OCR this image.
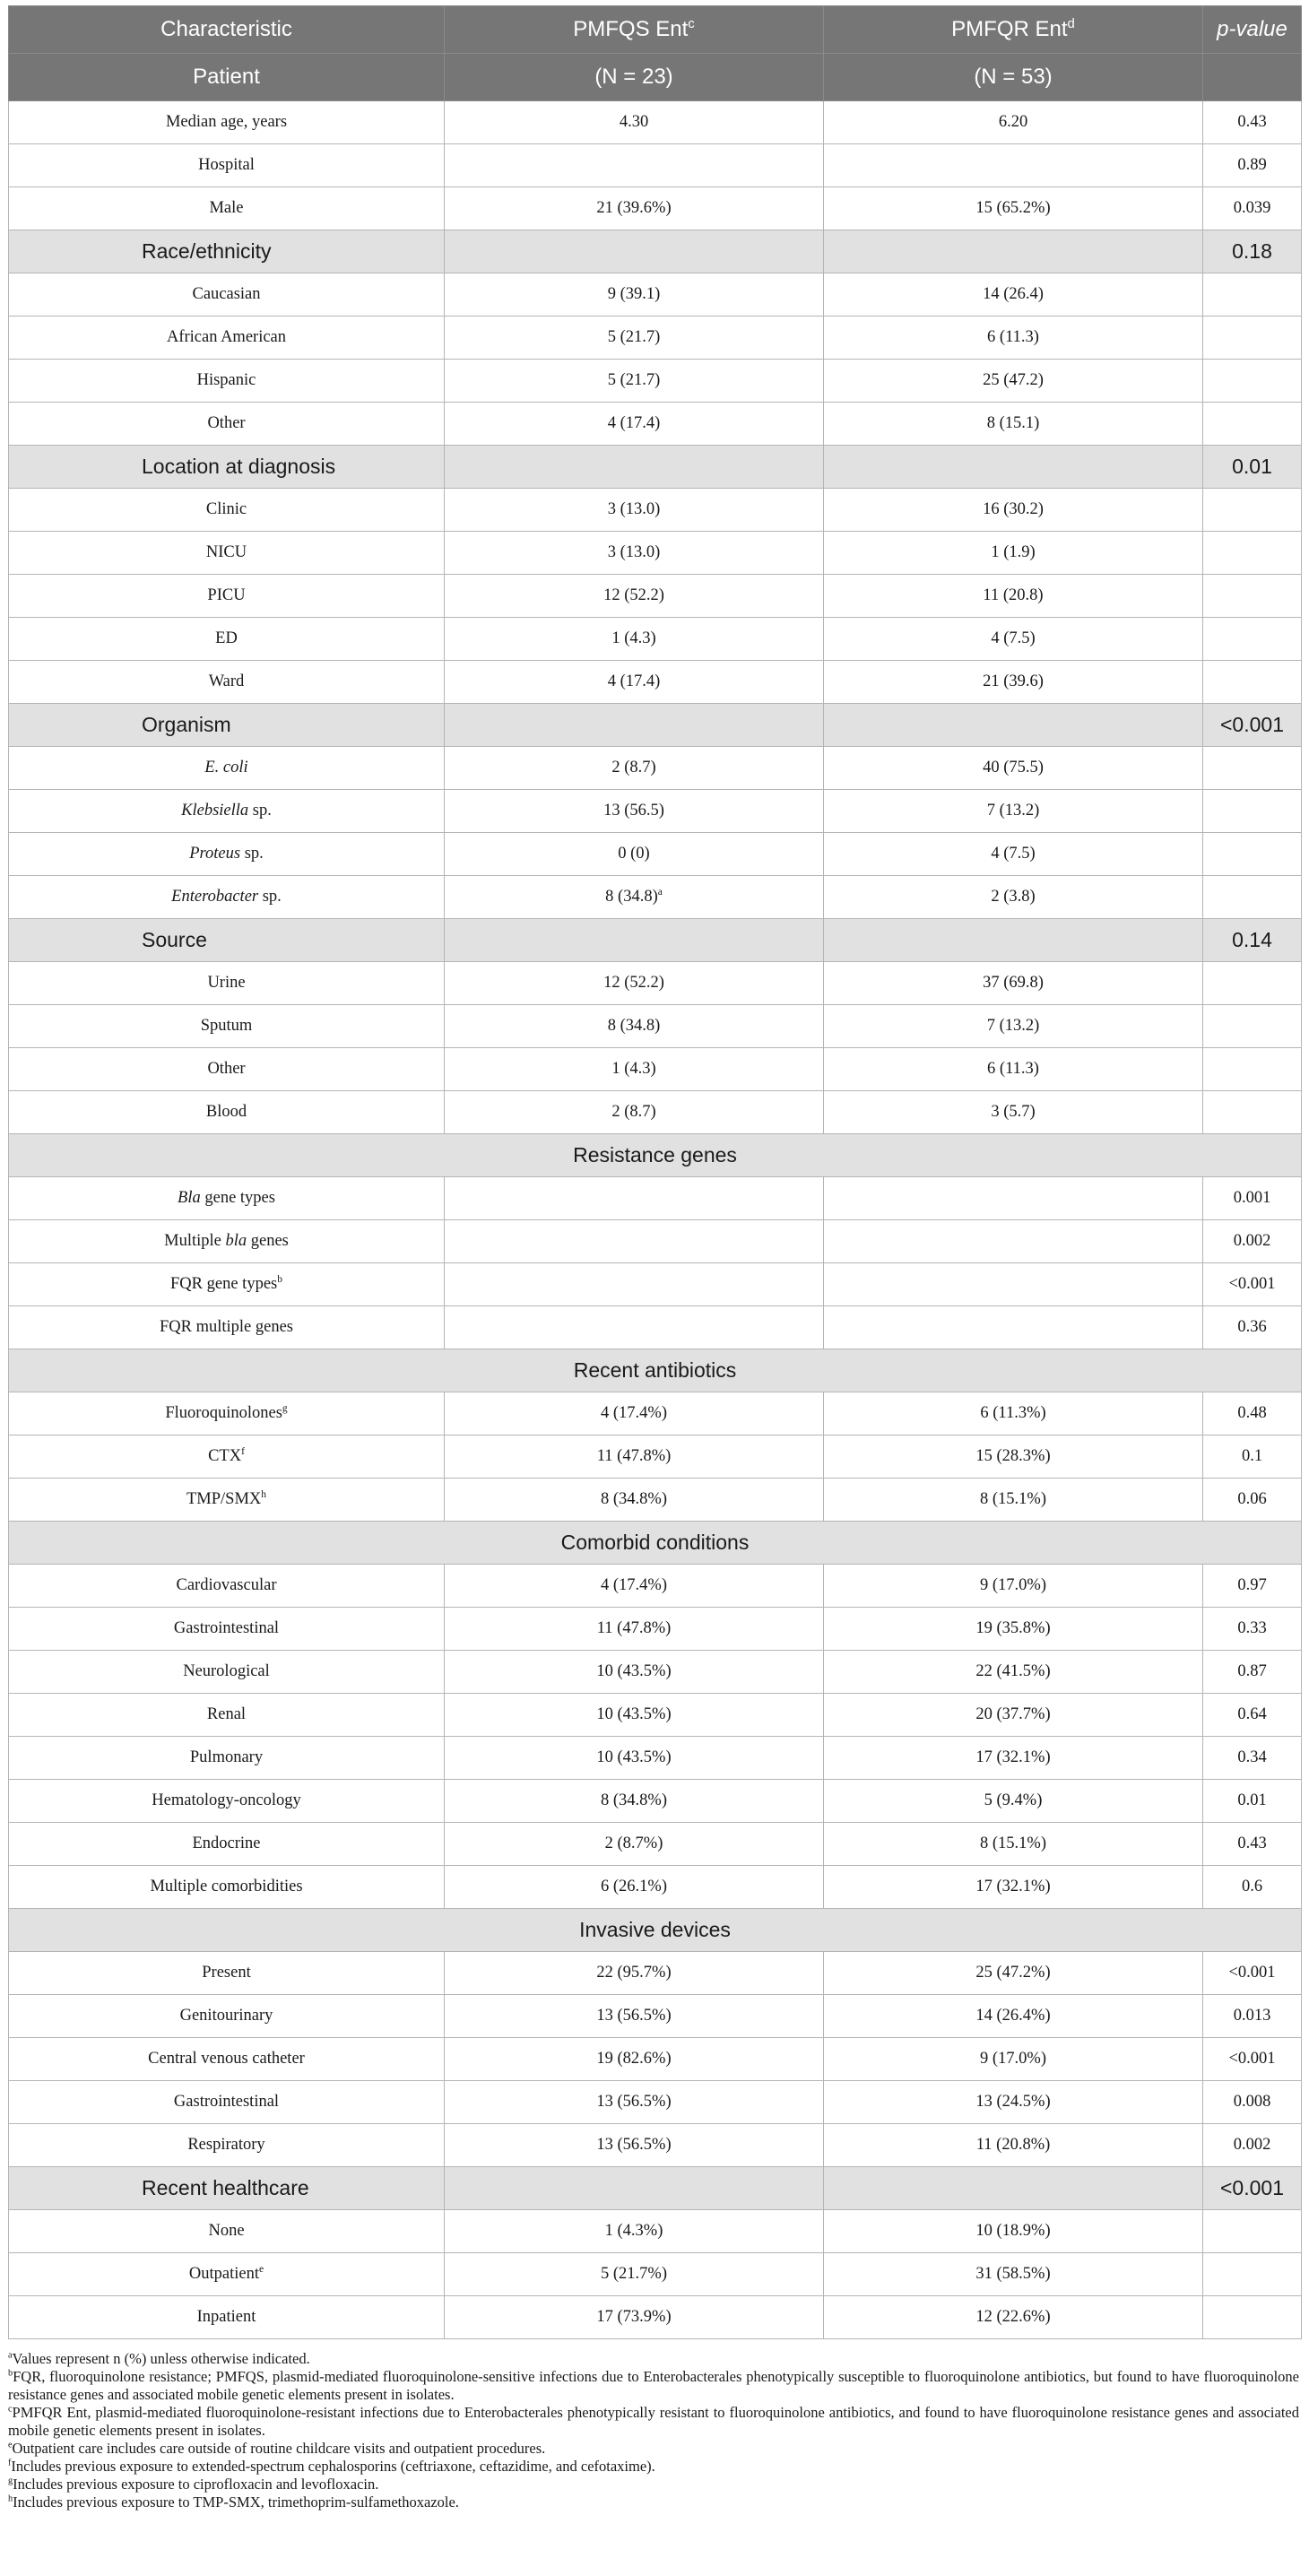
Characteristic	PMFQS Ent$^c$	PMFQR Ent$^d$	p-value
Patient	(N = 23)	(N = 53)	
Median age, years	4.30	6.20	0.43
Hospital			0.89
Male	21 (39.6%)	15 (65.2%)	0.039
Race/ethnicity			0.18
Caucasian	9 (39.1)	14 (26.4)	
African American	5 (21.7)	6 (11.3)	
Hispanic	5 (21.7)	25 (47.2)	
Other	4 (17.4)	8 (15.1)	
Location at diagnosis			0.01
Clinic	3 (13.0)	16 (30.2)	
NICU	3 (13.0)	1 (1.9)	
PICU	12 (52.2)	11 (20.8)	
ED	1 (4.3)	4 (7.5)	
Ward	4 (17.4)	21 (39.6)	
Organism			<0.001
E. coli	2 (8.7)	40 (75.5)	
Klebsiella sp.	13 (56.5)	7 (13.2)	
Proteus sp.	0 (0)	4 (7.5)	
Enterobacter sp.	8 $(34.8)^a$	2 (3.8)	
Source			0.14
Urine	12 (52.2)	37 (69.8)	
Sputum	8 (34.8)	7 (13.2)	
Other	1 (4.3)	6 (11.3)	
Blood	2 (8.7)	3 (5.7)	
Resistance genes			
Bla gene types			0.001
Multiple bla genes			0.002
FQR gene types$^b$			<0.001
FQR multiple genes			0.36
Recent antibiotics			
Fluoroquinolones$^g$	4 (17.4%)	6 (11.3%)	0.48
CTX$^f$	11 (47.8%)	15 (28.3%)	0.1
TMP/SMX$^h$	8 (34.8%)	8 (15.1%)	0.06
Comorbid conditions			
Cardiovascular	4 (17.4%)	9 (17.0%)	0.97
Gastrointestinal	11 (47.8%)	19 (35.8%)	0.33
Neurological	10 (43.5%)	22 (41.5%)	0.87
Renal	10 (43.5%)	20 (37.7%)	0.64
Pulmonary	10 (43.5%)	17 (32.1%)	0.34
Hematology-oncology	8 (34.8%)	5 (9.4%)	0.01
Endocrine	2 (8.7%)	8 (15.1%)	0.43
Multiple comorbidities	6 (26.1%)	17 (32.1%)	0.6
Invasive devices			
Present	22 (95.7%)	25 (47.2%)	<0.001
Genitourinary	13 (56.5%)	14 (26.4%)	0.013
Central venous catheter	19 (82.6%)	9 (17.0%)	<0.001
Gastrointestinal	13 (56.5%)	13 (24.5%)	0.008
Respiratory	13 (56.5%)	11 (20.8%)	0.002
Recent healthcare			<0.001
None	1 (4.3%)	10 (18.9%)	
Outpatient$^e$	5 (21.7%)	31 (58.5%)	
Inpatient	17 (73.9%)	12 (22.6%)	

$^a$Values represent n (%) unless otherwise indicated.

$^b$FQR, fluoroquinolone resistance; PMFQS, plasmid-mediated fluoroquinolone-sensitive infections due to Enterobacterales phenotypically susceptible to fluoroquinolone antibiotics, but found to have fluoroquinolone resistance genes and associated mobile genetic elements present in isolates.

$^c$PMFQR Ent, plasmid-mediated fluoroquinolone-resistant infections due to Enterobacterales phenotypically resistant to fluoroquinolone antibiotics, and found to have fluoroquinolone resistance genes and associated mobile genetic elements present in isolates.

$^e$Outpatient care includes care outside of routine childcare visits and outpatient procedures.

$^f$Includes previous exposure to extended-spectrum cephalosporins (ceftriaxone, ceftazidime, and cefotaxime).

$^g$Includes previous exposure to ciprofloxacin and levofloxacin.

$^h$Includes previous exposure to TMP-SMX, trimethoprim-sulfamethoxazole.
